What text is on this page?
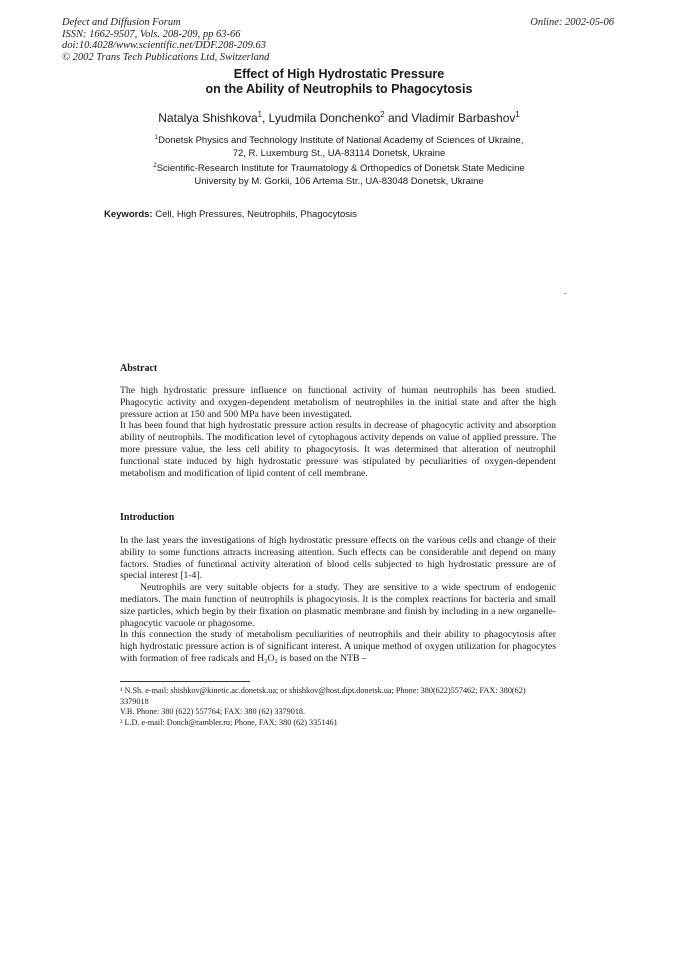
Defect and Diffusion Forum
ISSN: 1662-9507, Vols. 208-209, pp 63-66
doi:10.4028/www.scientific.net/DDF.208-209.63
© 2002 Trans Tech Publications Ltd, Switzerland
Online: 2002-05-06
Effect of High Hydrostatic Pressure
on the Ability of Neutrophils to Phagocytosis
Natalya Shishkova$^1$, Lyudmila Donchenko$^2$ and Vladimir Barbashov$^1$
$^1$Donetsk Physics and Technology Institute of National Academy of Sciences of Ukraine,
72, R. Luxemburg St., UA-83114 Donetsk, Ukraine
$^2$Scientific-Research Institute for Traumatology & Orthopedics of Donetsk State Medicine
University by M. Gorkii, 106 Artema Str., UA-83048 Donetsk, Ukraine
Keywords: Cell, High Pressures, Neutrophils, Phagocytosis
Abstract

The high hydrostatic pressure influence on functional activity of human neutrophils has been studied. Phagocytic activity and oxygen-dependent metabolism of neutrophiles in the initial state and after the high pressure action at 150 and 500 MPa have been investigated.

It has been found that high hydrostatic pressure action results in decrease of phagocytic activity and absorption ability of neutrophils. The modification level of cytophagous activity depends on value of applied pressure. The more pressure value, the less cell ability to phagocytosis. It was determined that alteration of neutrophil functional state induced by high hydrostatic pressure was stipulated by peculiarities of oxygen-dependent metabolism and modification of lipid content of cell membrane.

Introduction

In the last years the investigations of high hydrostatic pressure effects on the various cells and change of their ability to some functions attracts increasing attention. Such effects can be considerable and depend on many factors. Studies of functional activity alteration of blood cells subjected to high hydrostatic pressure are of special interest [1-4].

Neutrophils are very suitable objects for a study. They are sensitive to a wide spectrum of endogenic mediators. The main function of neutrophils is phagocytosis. It is the complex reactions for bacteria and small size particles, which begin by their fixation on plasmatic membrane and finish by including in a new organelle- phagocytic vacuole or phagosome.

In this connection the study of metabolism peculiarities of neutrophils and their ability to phagocytosis after high hydrostatic pressure action is of significant interest. A unique method of oxygen utilization for phagocytes with formation of free radicals and H₂O₂ is based on the NTB –

¹ N.Sh. e-mail: shishkov@kinetic.ac.donetsk.ua; or shishkov@host.dipt.donetsk.ua; Phone: 380(622)557462; FAX: 380(62) 3379018

V.B. Phone: 380 (622) 557764; FAX: 380 (62) 3379018.

² L.D. e-mail: Donch@rambler.ru; Phone, FAX: 380 (62) 3351461
